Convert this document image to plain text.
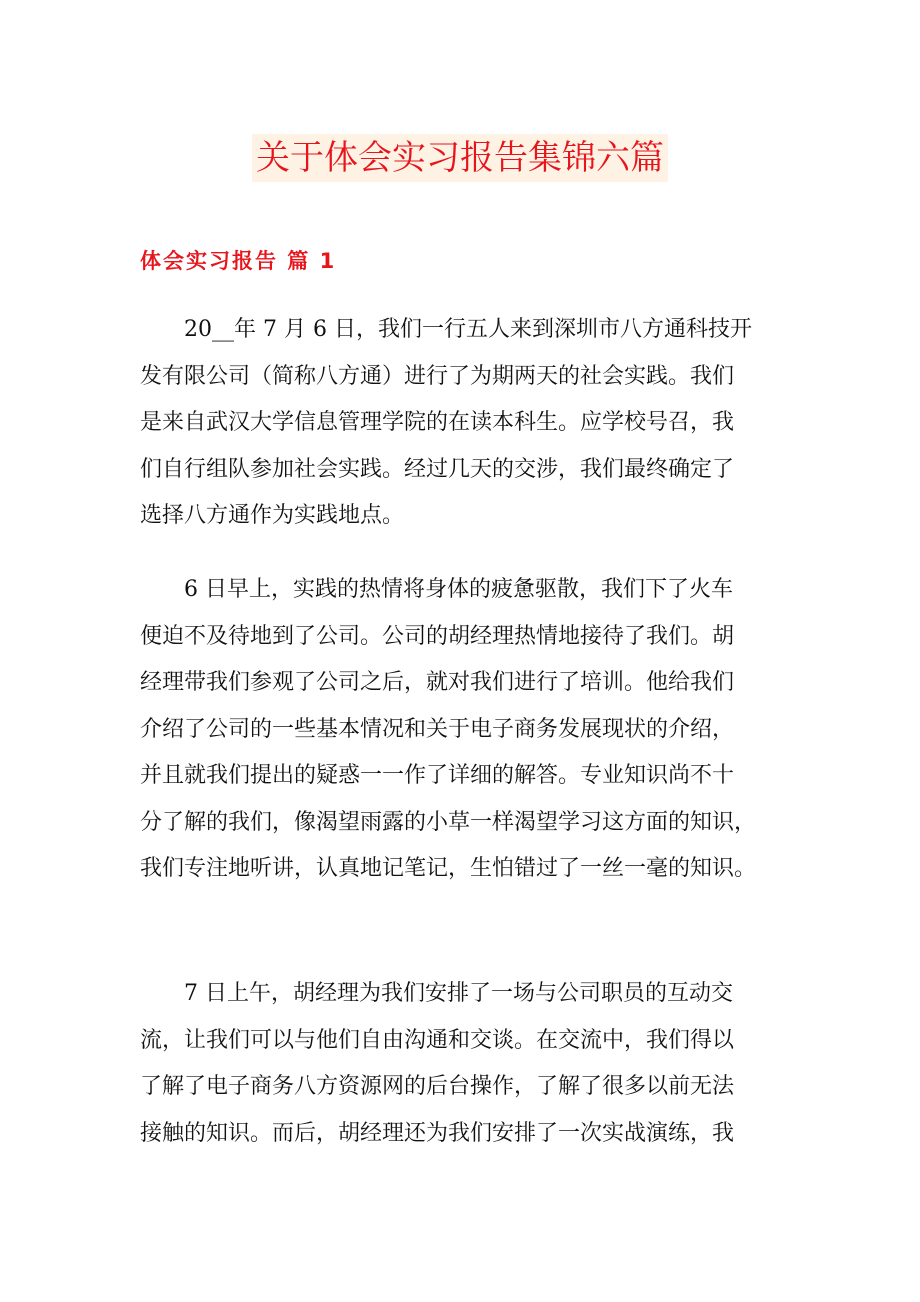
关于体会实习报告集锦六篇
体会实习报告 篇 1
20__年 7 月 6 日，我们一行五人来到深圳市八方通科技开
发有限公司（简称八方通）进行了为期两天的社会实践。我们
是来自武汉大学信息管理学院的在读本科生。应学校号召，我
们自行组队参加社会实践。经过几天的交涉，我们最终确定了
选择八方通作为实践地点。
6 日早上，实践的热情将身体的疲惫驱散，我们下了火车
便迫不及待地到了公司。公司的胡经理热情地接待了我们。胡
经理带我们参观了公司之后，就对我们进行了培训。他给我们
介绍了公司的一些基本情况和关于电子商务发展现状的介绍，
并且就我们提出的疑惑一一作了详细的解答。专业知识尚不十
分了解的我们，像渴望雨露的小草一样渴望学习这方面的知识，
我们专注地听讲，认真地记笔记，生怕错过了一丝一毫的知识。
7 日上午，胡经理为我们安排了一场与公司职员的互动交
流，让我们可以与他们自由沟通和交谈。在交流中，我们得以
了解了电子商务八方资源网的后台操作，了解了很多以前无法
接触的知识。而后，胡经理还为我们安排了一次实战演练，我
